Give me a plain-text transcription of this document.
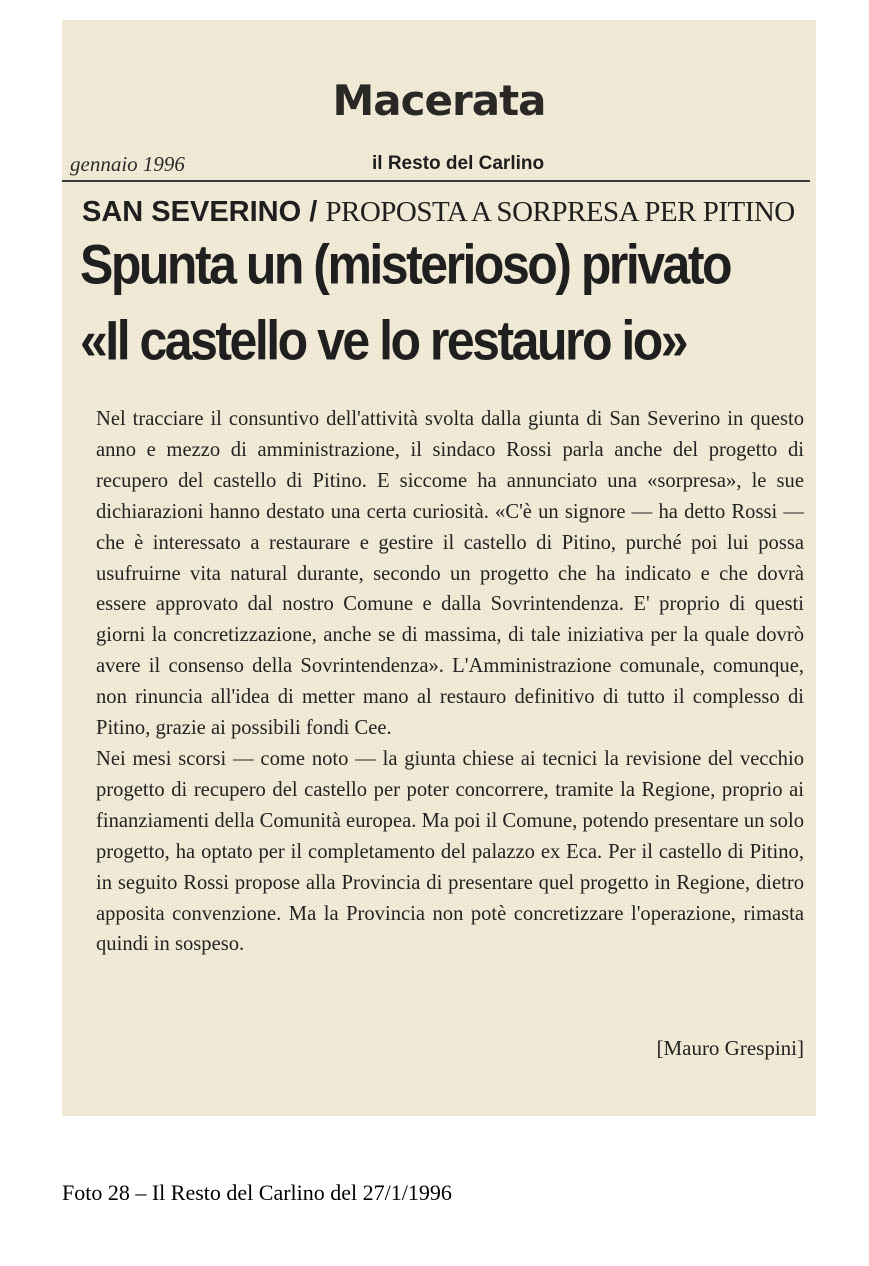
Macerata
gennaio 1996	il Resto del Carlino
SAN SEVERINO / PROPOSTA A SORPRESA PER PITINO
Spunta un (misterioso) privato
«Il castello ve lo restauro io»

Nel tracciare il consuntivo dell'attività svolta dalla giunta di San Severino in questo anno e mezzo di amministrazione, il sindaco Rossi parla anche del progetto di recupero del castello di Pitino. E siccome ha annunciato una «sorpresa», le sue dichiarazioni hanno destato una certa curiosità. «C'è un signore — ha detto Rossi — che è interessato a restaurare e gestire il castello di Pitino, purché poi lui possa usufruirne vita natural durante, secondo un progetto che ha indicato e che dovrà essere approvato dal nostro Comune e dalla Sovrintendenza. E' proprio di questi giorni la concretizzazione, anche se di massima, di tale iniziativa per la quale dovrò avere il consenso della Sovrintendenza». L'Amministrazione comunale, comunque, non rinuncia all'idea di metter mano al restauro definitivo di tutto il complesso di Pitino, grazie ai possibili fondi Cee.

Nei mesi scorsi — come noto — la giunta chiese ai tecnici la revisione del vecchio progetto di recupero del castello per poter concorrere, tramite la Regione, proprio ai finanziamenti della Comunità europea. Ma poi il Comune, potendo presentare un solo progetto, ha optato per il completamento del palazzo ex Eca. Per il castello di Pitino, in seguito Rossi propose alla Provincia di presentare quel progetto in Regione, dietro apposita convenzione. Ma la Provincia non potè concretizzare l'operazione, rimasta quindi in sospeso.

[Mauro Grespini]
Foto 28 – Il Resto del Carlino del 27/1/1996
